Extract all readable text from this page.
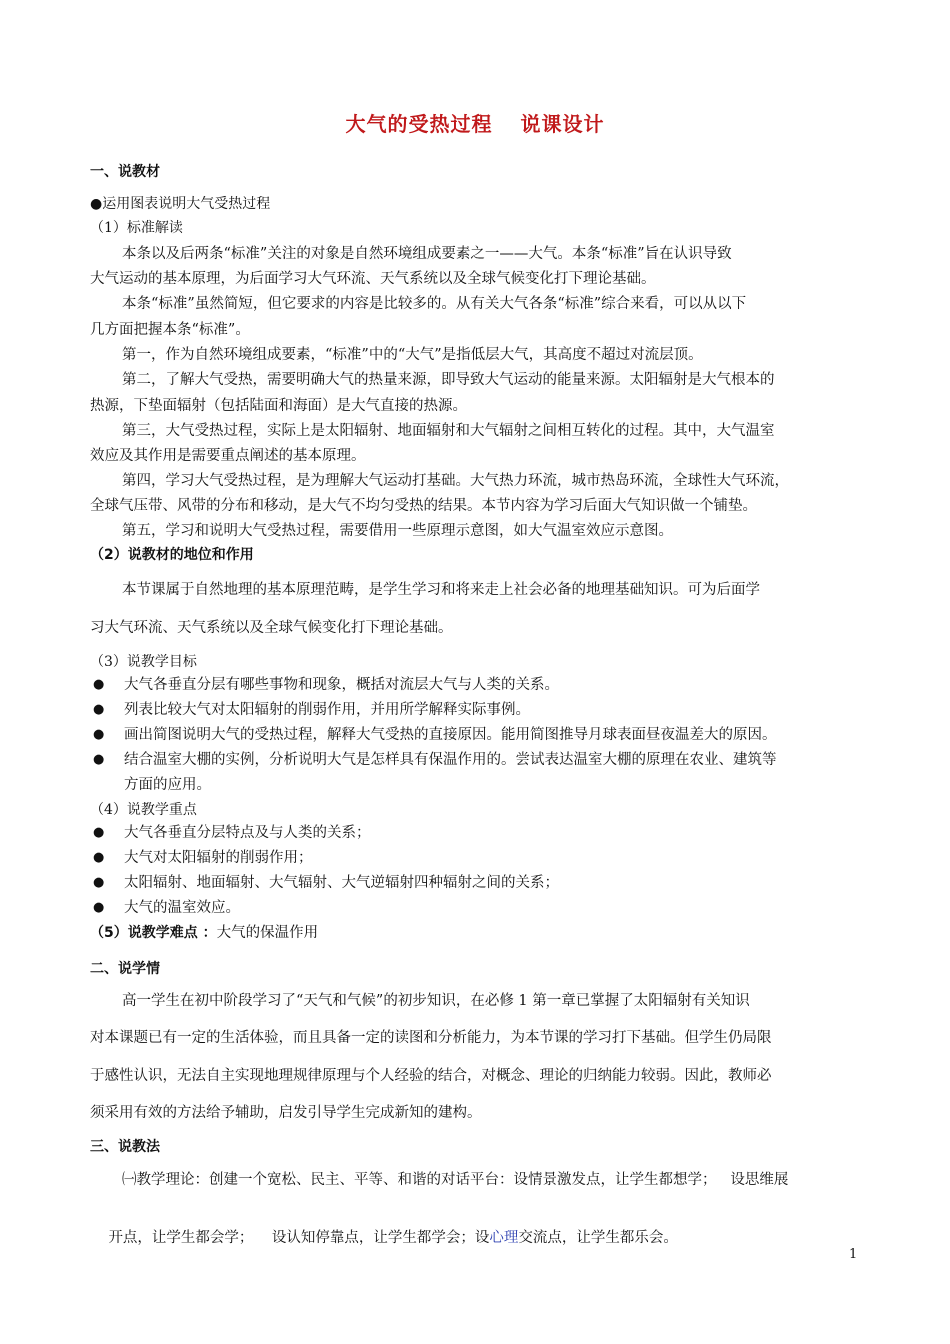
大气的受热过程 说课设计
一、说教材
●运用图表说明大气受热过程
（1）标准解读
本条以及后两条“标准”关注的对象是自然环境组成要素之一——大气。本条“标准”旨在认识导致
大气运动的基本原理，为后面学习大气环流、天气系统以及全球气候变化打下理论基础。
本条“标准”虽然简短，但它要求的内容是比较多的。从有关大气各条“标准”综合来看，可以从以下
几方面把握本条“标准”。
第一，作为自然环境组成要素，“标准”中的“大气”是指低层大气，其高度不超过对流层顶。
第二，了解大气受热，需要明确大气的热量来源，即导致大气运动的能量来源。太阳辐射是大气根本的
热源，下垫面辐射（包括陆面和海面）是大气直接的热源。
第三，大气受热过程，实际上是太阳辐射、地面辐射和大气辐射之间相互转化的过程。其中，大气温室
效应及其作用是需要重点阐述的基本原理。
第四，学习大气受热过程，是为理解大气运动打基础。大气热力环流，城市热岛环流，全球性大气环流，
全球气压带、风带的分布和移动，是大气不均匀受热的结果。本节内容为学习后面大气知识做一个铺垫。
第五，学习和说明大气受热过程，需要借用一些原理示意图，如大气温室效应示意图。
（2）说教材的地位和作用
本节课属于自然地理的基本原理范畴，是学生学习和将来走上社会必备的地理基础知识。可为后面学
习大气环流、天气系统以及全球气候变化打下理论基础。
（3）说教学目标
● 大气各垂直分层有哪些事物和现象，概括对流层大气与人类的关系。
● 列表比较大气对太阳辐射的削弱作用，并用所学解释实际事例。
● 画出简图说明大气的受热过程，解释大气受热的直接原因。能用简图推导月球表面昼夜温差大的原因。
● 结合温室大棚的实例，分析说明大气是怎样具有保温作用的。尝试表达温室大棚的原理在农业、建筑等
方面的应用。
（4）说教学重点
● 大气各垂直分层特点及与人类的关系；
● 大气对太阳辐射的削弱作用；
● 太阳辐射、地面辐射、大气辐射、大气逆辐射四种辐射之间的关系；
● 大气的温室效应。
（5）说教学难点 ：大气的保温作用
二、说学情
高一学生在初中阶段学习了“天气和气候”的初步知识，在必修 1 第一章已掌握了太阳辐射有关知识
对本课题已有一定的生活体验，而且具备一定的读图和分析能力，为本节课的学习打下基础。但学生仍局限
于感性认识，无法自主实现地理规律原理与个人经验的结合，对概念、理论的归纳能力较弱。因此，教师必
须采用有效的方法给予辅助，启发引导学生完成新知的建构。
三、说教法
㈠教学理论：创建一个宽松、民主、平等、和谐的对话平台：设情景激发点，让学生都想学；   设思维展

开点，让学生都会学；    设认知停靠点，让学生都学会；设心理交流点，让学生都乐会。

1
